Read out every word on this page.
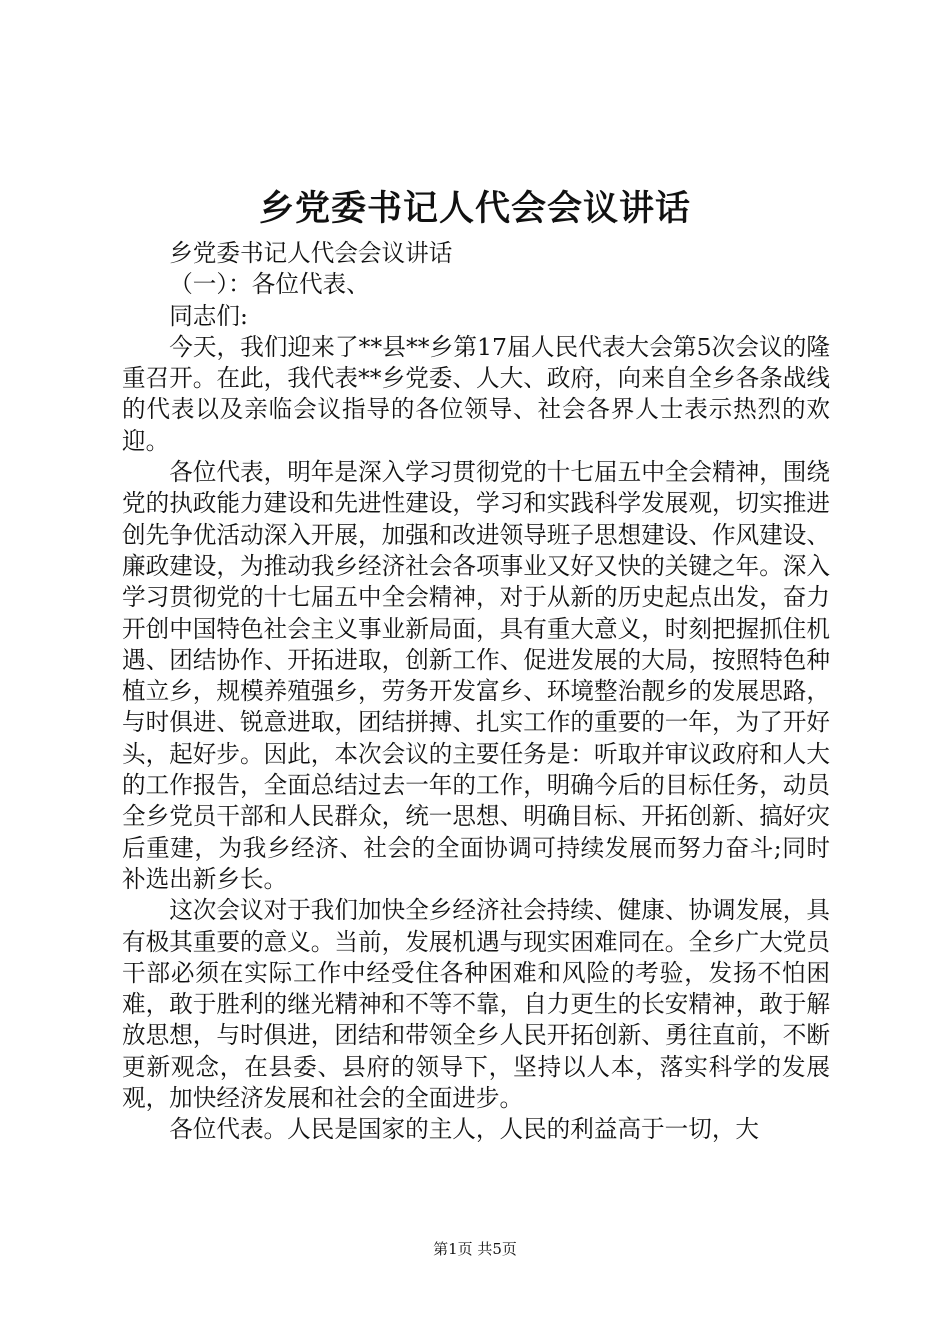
乡党委书记人代会会议讲话

乡党委书记人代会会议讲话

（一）：各位代表、

同志们:

今天，我们迎来了**县**乡第17届人民代表大会第5次会议的隆重召开。在此，我代表**乡党委、人大、政府，向来自全乡各条战线的代表以及亲临会议指导的各位领导、社会各界人士表示热烈的欢迎。

各位代表，明年是深入学习贯彻党的十七届五中全会精神，围绕党的执政能力建设和先进性建设，学习和实践科学发展观，切实推进创先争优活动深入开展，加强和改进领导班子思想建设、作风建设、廉政建设，为推动我乡经济社会各项事业又好又快的关键之年。深入学习贯彻党的十七届五中全会精神，对于从新的历史起点出发，奋力开创中国特色社会主义事业新局面，具有重大意义，时刻把握抓住机遇、团结协作、开拓进取，创新工作、促进发展的大局，按照特色种植立乡，规模养殖强乡，劳务开发富乡、环境整治靓乡的发展思路，与时俱进、锐意进取，团结拼搏、扎实工作的重要的一年，为了开好头，起好步。因此，本次会议的主要任务是：听取并审议政府和人大的工作报告，全面总结过去一年的工作，明确今后的目标任务，动员全乡党员干部和人民群众，统一思想、明确目标、开拓创新、搞好灾后重建，为我乡经济、社会的全面协调可持续发展而努力奋斗;同时补选出新乡长。

这次会议对于我们加快全乡经济社会持续、健康、协调发展，具有极其重要的意义。当前，发展机遇与现实困难同在。全乡广大党员干部必须在实际工作中经受住各种困难和风险的考验，发扬不怕困难，敢于胜利的继光精神和不等不靠，自力更生的长安精神，敢于解放思想，与时俱进，团结和带领全乡人民开拓创新、勇往直前，不断更新观念，在县委、县府的领导下，坚持以人本，落实科学的发展观，加快经济发展和社会的全面进步。

各位代表。人民是国家的主人，人民的利益高于一切，大

第1页 共5页
